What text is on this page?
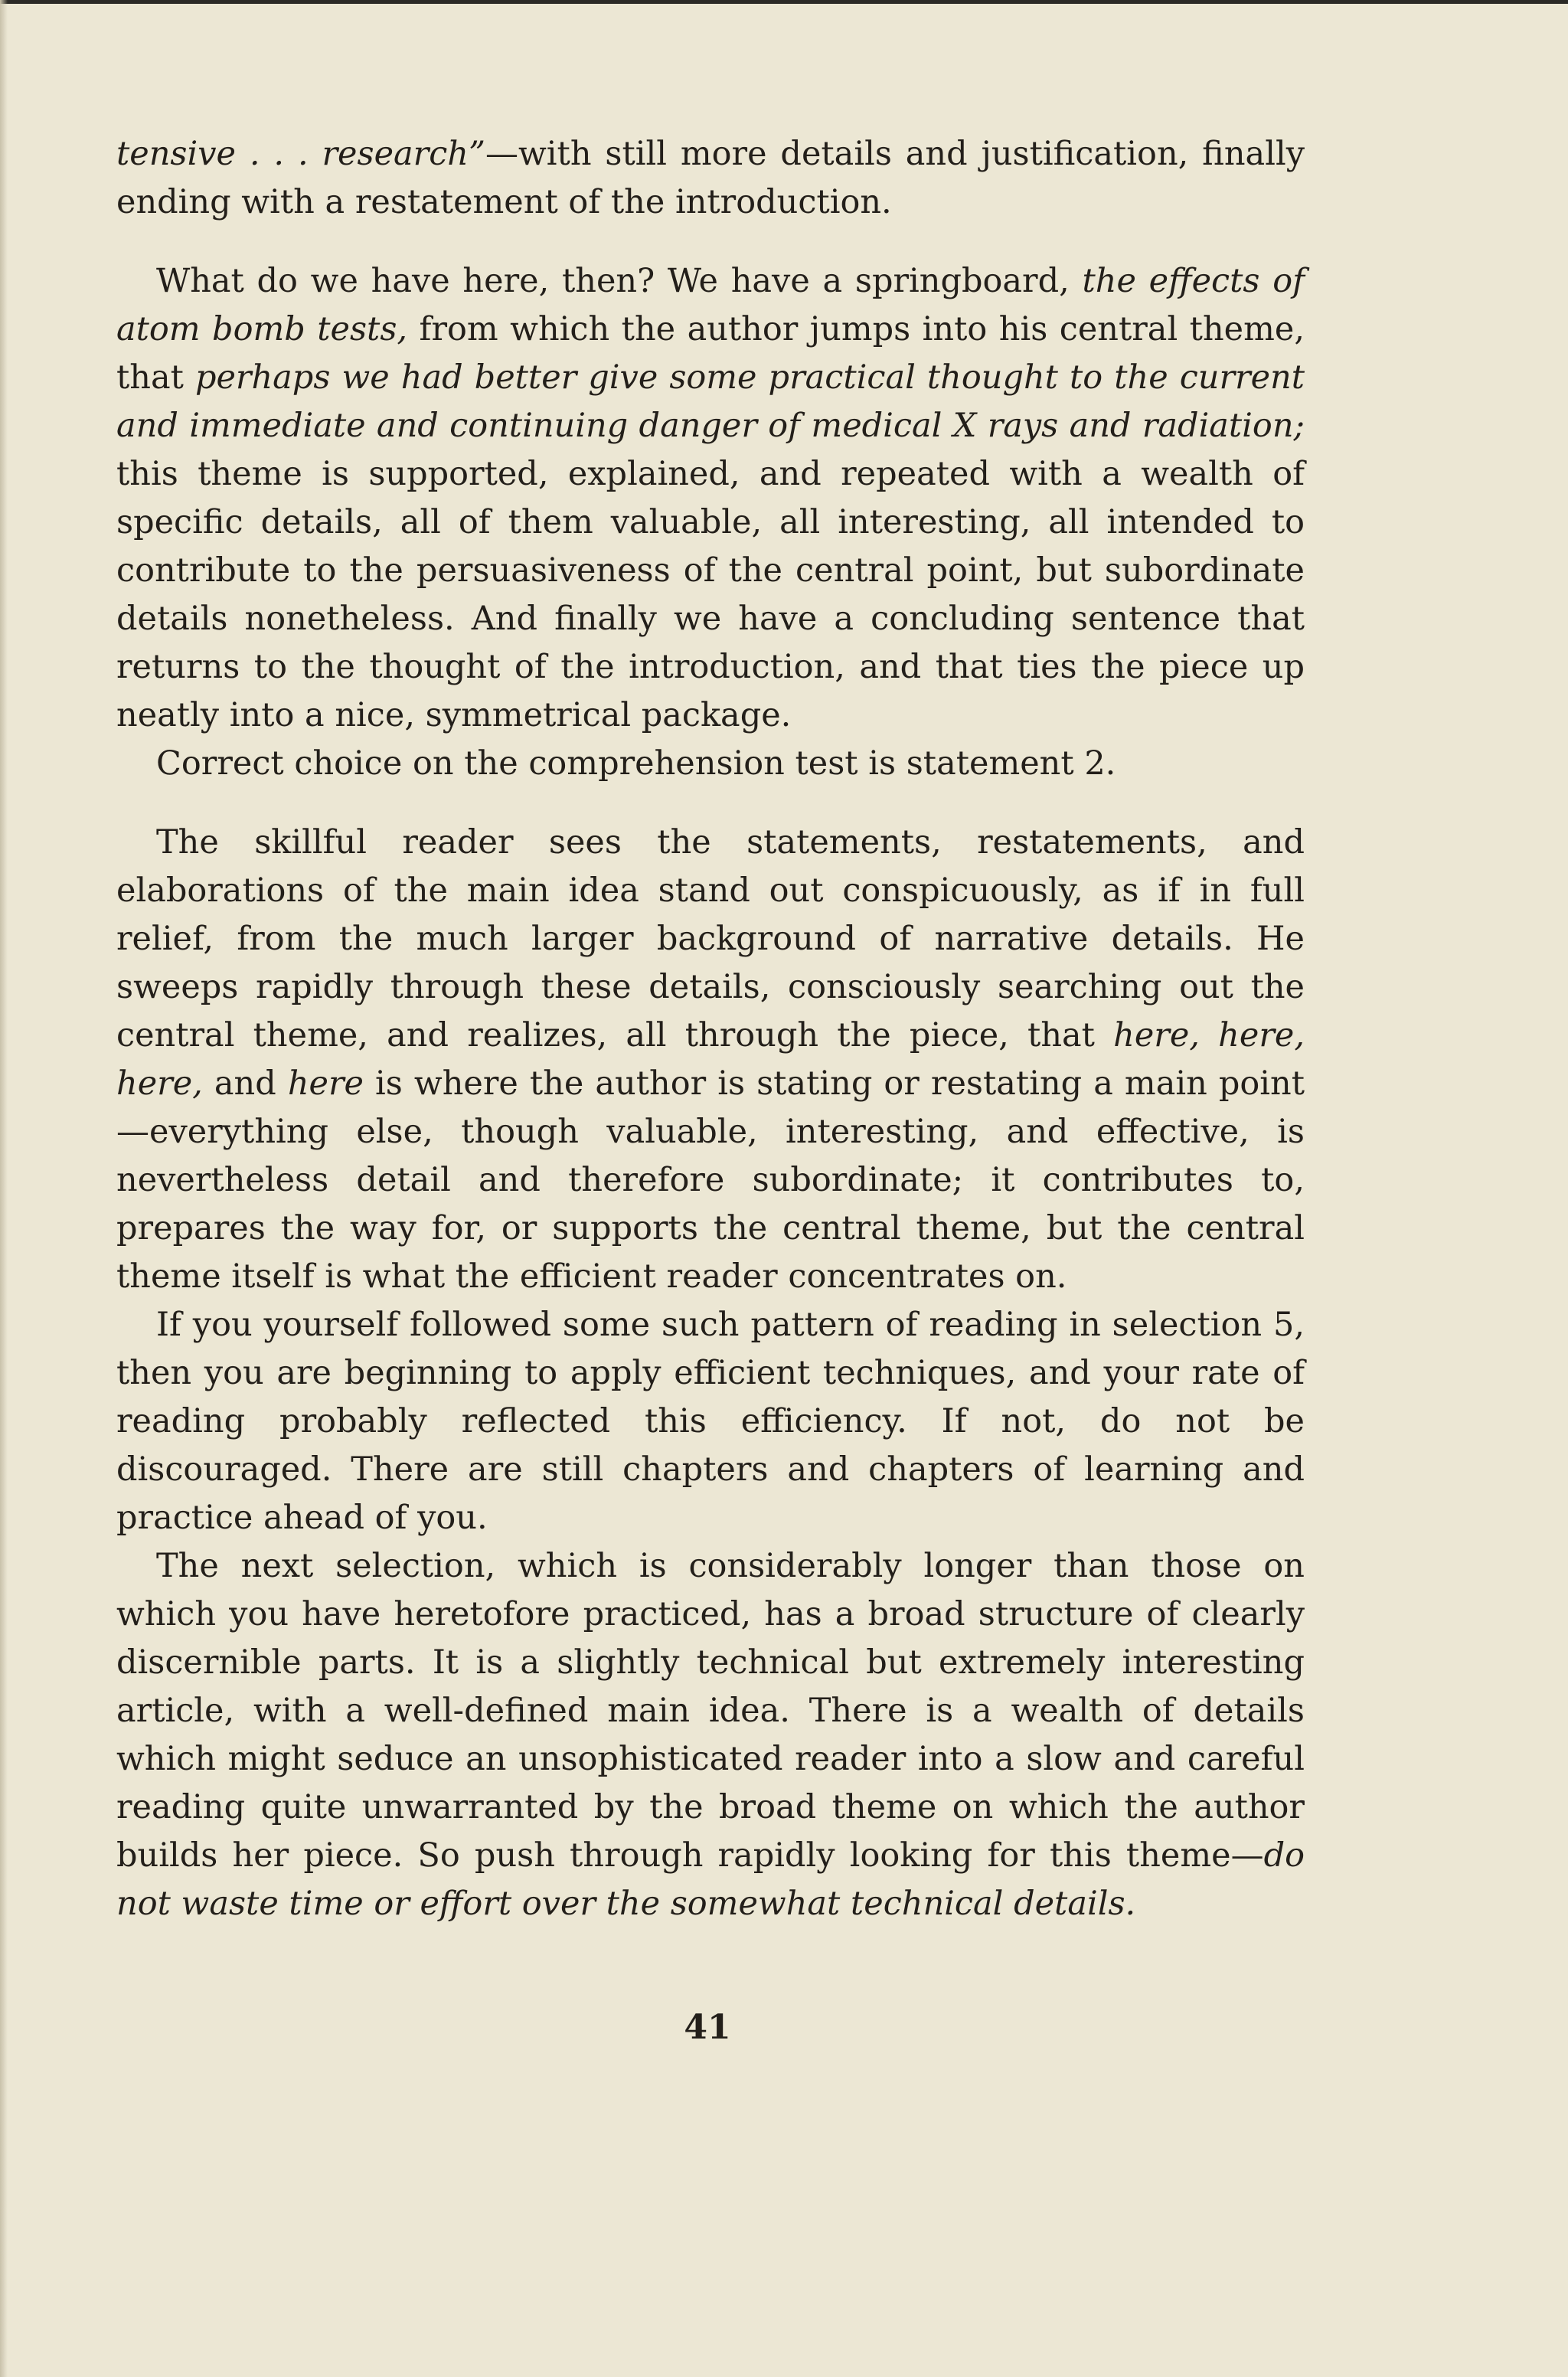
tensive . . . research”—with still more details and justification, finally ending with a restatement of the introduction.

What do we have here, then? We have a springboard, the effects of atom bomb tests, from which the author jumps into his central theme, that perhaps we had better give some practical thought to the current and immediate and continuing danger of medical X rays and radiation; this theme is supported, explained, and repeated with a wealth of specific details, all of them valuable, all interesting, all intended to contribute to the persuasiveness of the central point, but subordinate details nonetheless. And finally we have a concluding sentence that returns to the thought of the introduction, and that ties the piece up neatly into a nice, symmetrical package.

Correct choice on the comprehension test is statement 2.

The skillful reader sees the statements, restatements, and elaborations of the main idea stand out conspicuously, as if in full relief, from the much larger background of narrative details. He sweeps rapidly through these details, consciously searching out the central theme, and realizes, all through the piece, that here, here, here, and here is where the author is stating or restating a main point—everything else, though valuable, interesting, and effective, is nevertheless detail and therefore subordinate; it contributes to, prepares the way for, or supports the central theme, but the central theme itself is what the efficient reader concentrates on.

If you yourself followed some such pattern of reading in selection 5, then you are beginning to apply efficient techniques, and your rate of reading probably reflected this efficiency. If not, do not be discouraged. There are still chapters and chapters of learning and practice ahead of you.

The next selection, which is considerably longer than those on which you have heretofore practiced, has a broad structure of clearly discernible parts. It is a slightly technical but extremely interesting article, with a well-defined main idea. There is a wealth of details which might seduce an unsophisticated reader into a slow and careful reading quite unwarranted by the broad theme on which the author builds her piece. So push through rapidly looking for this theme—do not waste time or effort over the somewhat technical details.

41
